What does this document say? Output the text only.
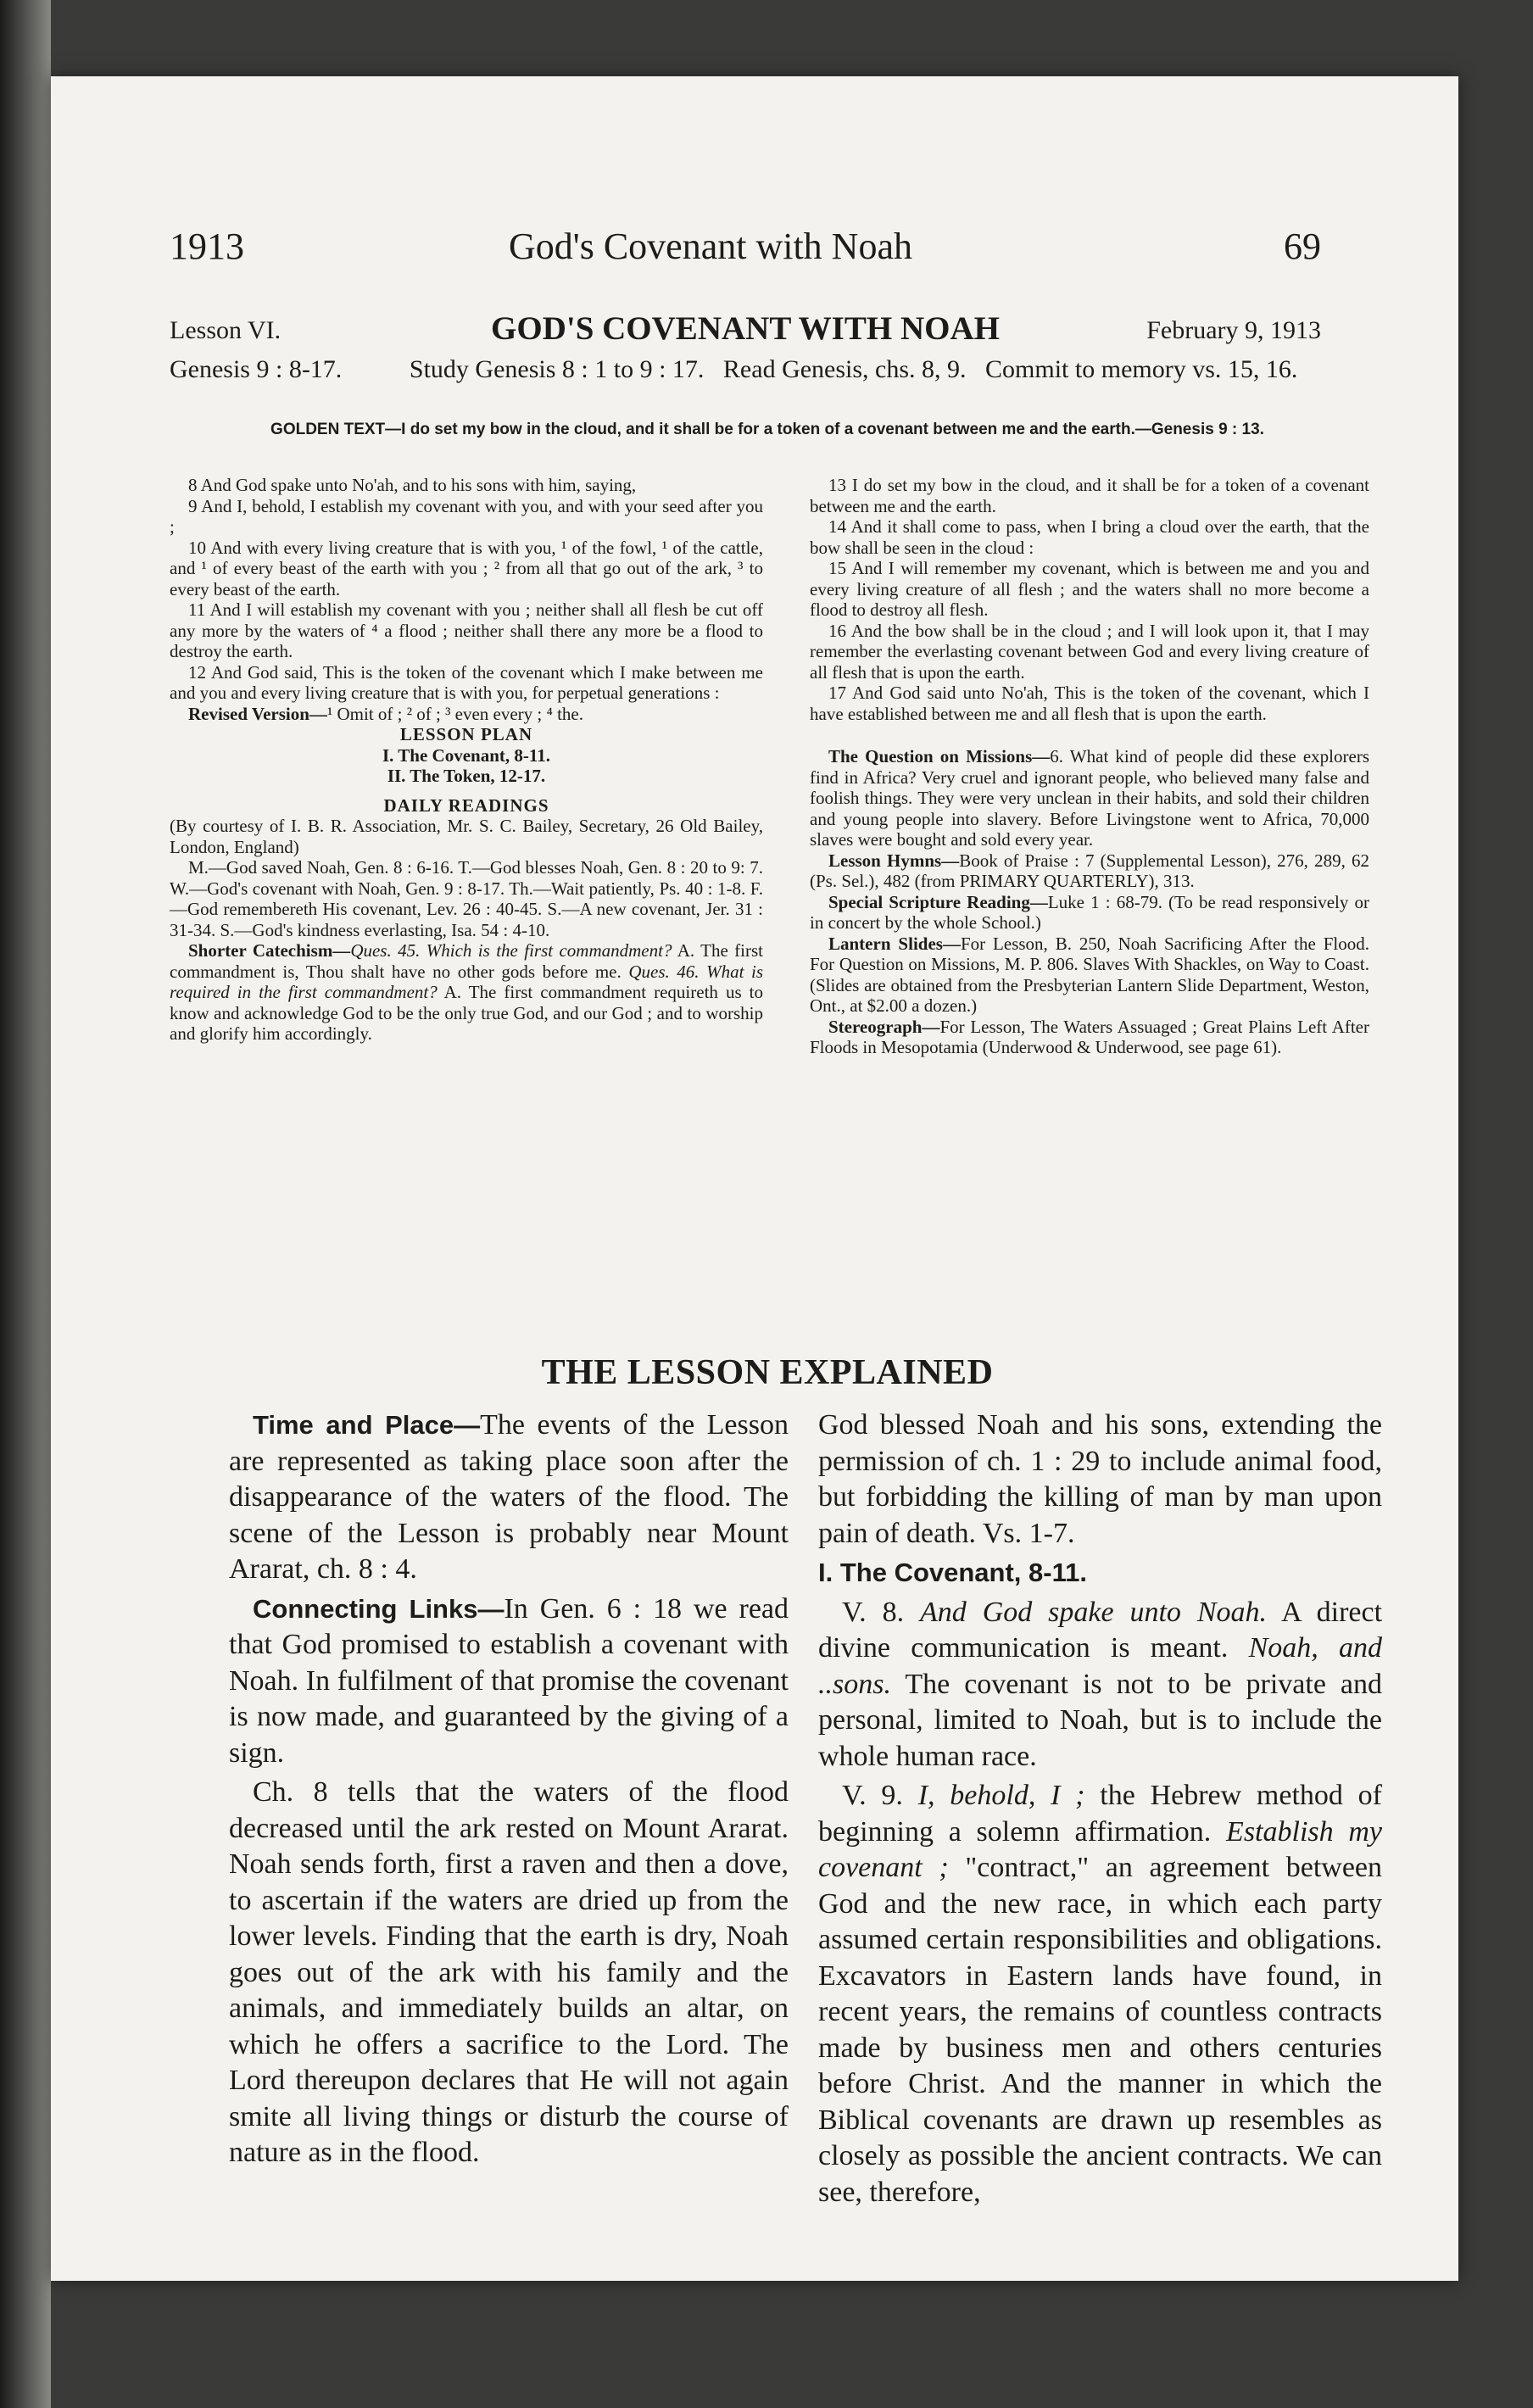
1913	God's Covenant with Noah	69
Lesson VI.	GOD'S COVENANT WITH NOAH	February 9, 1913
Genesis 9 : 8-17.	Study Genesis 8 : 1 to 9 : 17. Read Genesis, chs. 8, 9. Commit to memory vs. 15, 16.
GOLDEN TEXT—I do set my bow in the cloud, and it shall be for a token of a covenant between me and the earth.—Genesis 9 : 13.

8 And God spake unto No'ah, and to his sons with him, saying,

9 And I, behold, I establish my covenant with you, and with your seed after you ;

10 And with every living creature that is with you, ¹ of the fowl, ¹ of the cattle, and ¹ of every beast of the earth with you ; ² from all that go out of the ark, ³ to every beast of the earth.

11 And I will establish my covenant with you ; neither shall all flesh be cut off any more by the waters of ⁴ a flood ; neither shall there any more be a flood to destroy the earth.

12 And God said, This is the token of the covenant which I make between me and you and every living creature that is with you, for perpetual generations :

Revised Version—¹ Omit of ; ² of ; ³ even every ; ⁴ the.

LESSON PLAN

I. The Covenant, 8-11.

II. The Token, 12-17.

DAILY READINGS

(By courtesy of I. B. R. Association, Mr. S. C. Bailey, Secretary, 26 Old Bailey, London, England)

M.—God saved Noah, Gen. 8 : 6-16. T.—God blesses Noah, Gen. 8 : 20 to 9: 7. W.—God's covenant with Noah, Gen. 9 : 8-17. Th.—Wait patiently, Ps. 40 : 1-8. F.—God remembereth His covenant, Lev. 26 : 40-45. S.—A new covenant, Jer. 31 : 31-34. S.—God's kindness everlasting, Isa. 54 : 4-10.

Shorter Catechism—Ques. 45. Which is the first commandment? A. The first commandment is, Thou shalt have no other gods before me. Ques. 46. What is required in the first commandment? A. The first commandment requireth us to know and acknowledge God to be the only true God, and our God ; and to worship and glorify him accordingly.

13 I do set my bow in the cloud, and it shall be for a token of a covenant between me and the earth.

14 And it shall come to pass, when I bring a cloud over the earth, that the bow shall be seen in the cloud :

15 And I will remember my covenant, which is between me and you and every living creature of all flesh ; and the waters shall no more become a flood to destroy all flesh.

16 And the bow shall be in the cloud ; and I will look upon it, that I may remember the everlasting covenant between God and every living creature of all flesh that is upon the earth.

17 And God said unto No'ah, This is the token of the covenant, which I have established between me and all flesh that is upon the earth.

The Question on Missions—6. What kind of people did these explorers find in Africa? Very cruel and ignorant people, who believed many false and foolish things. They were very unclean in their habits, and sold their children and young people into slavery. Before Livingstone went to Africa, 70,000 slaves were bought and sold every year.

Lesson Hymns—Book of Praise : 7 (Supplemental Lesson), 276, 289, 62 (Ps. Sel.), 482 (from PRIMARY QUARTERLY), 313.

Special Scripture Reading—Luke 1 : 68-79. (To be read responsively or in concert by the whole School.)

Lantern Slides—For Lesson, B. 250, Noah Sacrificing After the Flood. For Question on Missions, M. P. 806. Slaves With Shackles, on Way to Coast. (Slides are obtained from the Presbyterian Lantern Slide Department, Weston, Ont., at $2.00 a dozen.)

Stereograph—For Lesson, The Waters Assuaged ; Great Plains Left After Floods in Mesopotamia (Underwood & Underwood, see page 61).

THE LESSON EXPLAINED

Time and Place—The events of the Lesson are represented as taking place soon after the disappearance of the waters of the flood. The scene of the Lesson is probably near Mount Ararat, ch. 8 : 4.

Connecting Links—In Gen. 6 : 18 we read that God promised to establish a covenant with Noah. In fulfilment of that promise the covenant is now made, and guaranteed by the giving of a sign.

Ch. 8 tells that the waters of the flood decreased until the ark rested on Mount Ararat. Noah sends forth, first a raven and then a dove, to ascertain if the waters are dried up from the lower levels. Finding that the earth is dry, Noah goes out of the ark with his family and the animals, and immediately builds an altar, on which he offers a sacrifice to the Lord. The Lord thereupon declares that He will not again smite all living things or disturb the course of nature as in the flood.

God blessed Noah and his sons, extending the permission of ch. 1 : 29 to include animal food, but forbidding the killing of man by man upon pain of death. Vs. 1-7.

I. The Covenant, 8-11.

V. 8. And God spake unto Noah. A direct divine communication is meant. Noah, and ..sons. The covenant is not to be private and personal, limited to Noah, but is to include the whole human race.

V. 9. I, behold, I ; the Hebrew method of beginning a solemn affirmation. Establish my covenant ; "contract," an agreement between God and the new race, in which each party assumed certain responsibilities and obligations. Excavators in Eastern lands have found, in recent years, the remains of countless contracts made by business men and others centuries before Christ. And the manner in which the Biblical covenants are drawn up resembles as closely as possible the ancient contracts. We can see, therefore,
